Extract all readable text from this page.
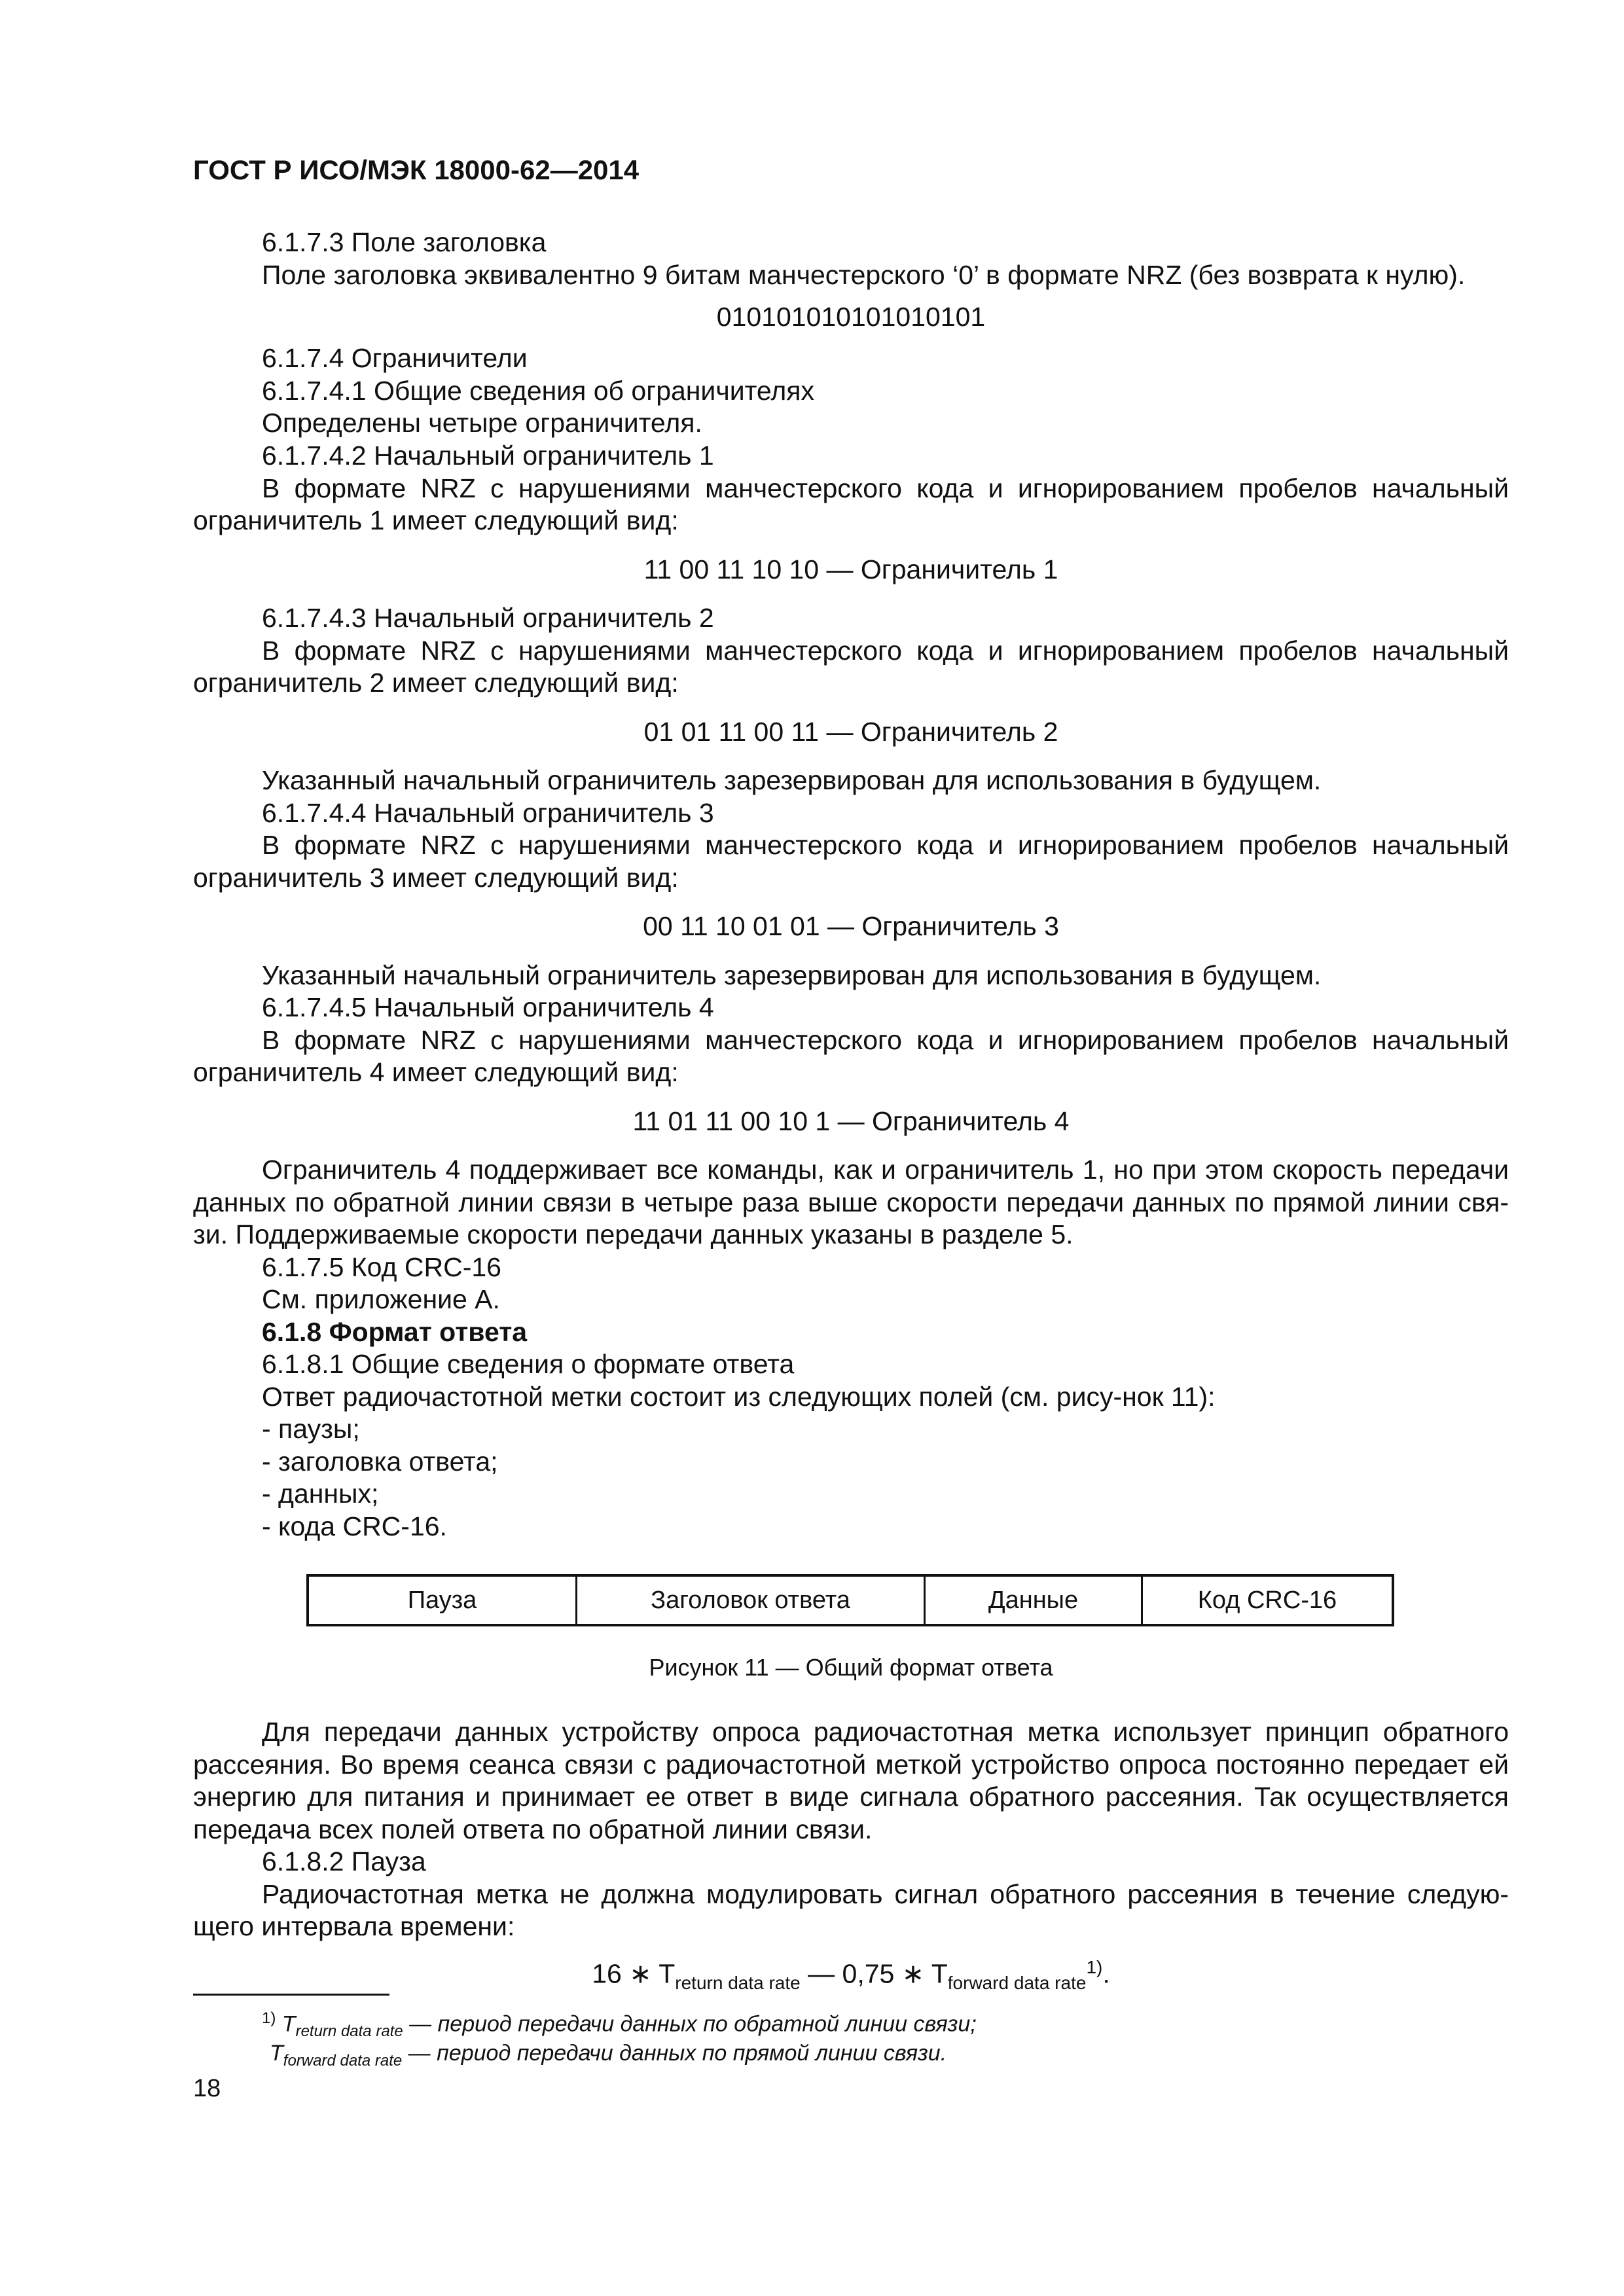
ГОСТ Р ИСО/МЭК 18000-62—2014
6.1.7.3 Поле заголовка
Поле заголовка эквивалентно 9 битам манчестерского ‘0’ в формате NRZ (без возврата к нулю).
010101010101010101
6.1.7.4 Ограничители
6.1.7.4.1 Общие сведения об ограничителях
Определены четыре ограничителя.
6.1.7.4.2 Начальный ограничитель 1
В формате NRZ с нарушениями манчестерского кода и игнорированием пробелов начальный
ограничитель 1 имеет следующий вид:
11 00 11 10 10 — Ограничитель 1
6.1.7.4.3 Начальный ограничитель 2
В формате NRZ с нарушениями манчестерского кода и игнорированием пробелов начальный
ограничитель 2 имеет следующий вид:
01 01 11 00 11 — Ограничитель 2
Указанный начальный ограничитель зарезервирован для использования в будущем.
6.1.7.4.4 Начальный ограничитель 3
В формате NRZ с нарушениями манчестерского кода и игнорированием пробелов начальный
ограничитель 3 имеет следующий вид:
00 11 10 01 01 — Ограничитель 3
Указанный начальный ограничитель зарезервирован для использования в будущем.
6.1.7.4.5 Начальный ограничитель 4
В формате NRZ с нарушениями манчестерского кода и игнорированием пробелов начальный
ограничитель 4 имеет следующий вид:
11 01 11 00 10 1 — Ограничитель 4
Ограничитель 4 поддерживает все команды, как и ограничитель 1, но при этом скорость передачи
данных по обратной линии связи в четыре раза выше скорости передачи данных по прямой линии свя-
зи. Поддерживаемые скорости передачи данных указаны в разделе 5.
6.1.7.5 Код CRC-16
См. приложение А.
6.1.8 Формат ответа
6.1.8.1 Общие сведения о формате ответа
Ответ радиочастотной метки состоит из следующих полей (см. рису-нок 11):
- паузы;
- заголовка ответа;
- данных;
- кода CRC-16.
Пауза	Заголовок ответа	Данные	Код CRC-16
Рисунок 11 — Общий формат ответа
Для передачи данных устройству опроса радиочастотная метка использует принцип обратного
рассеяния. Во время сеанса связи с радиочастотной меткой устройство опроса постоянно передает ей
энергию для питания и принимает ее ответ в виде сигнала обратного рассеяния. Так осуществляется
передача всех полей ответа по обратной линии связи.
6.1.8.2 Пауза
Радиочастотная метка не должна модулировать сигнал обратного рассеяния в течение следую-
щего интервала времени:
16 ∗ $T_{return data rate}$ — 0,75 ∗ $T_{forward data rate}^{1)}$.
$^{1)}$ $T_{return data rate}$ — период передачи данных по обратной линии связи;
$T_{forward data rate}$ — период передачи данных по прямой линии связи.
18
